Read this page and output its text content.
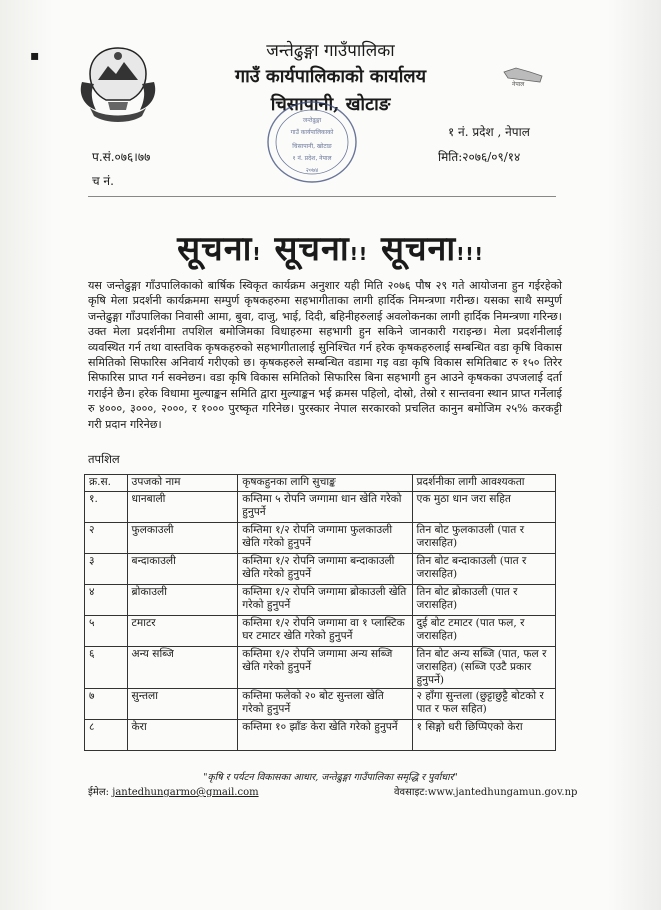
▪
नेपाल
जन्तेढुङ्गा गाउँपालिका
गाउँ कार्यपालिकाको कार्यालय
चिसापानी, खोटाङ
जन्तेढुङ्गा
गाउँ कार्यपालिकाको
चिसापानी, खोटाङ
१ नं. प्रदेश, नेपाल
२०७४
प.सं.०७६।७७
च नं.
१ नं. प्रदेश , नेपाल
मिति:२०७६/०९/१४
सूचना! सूचना!! सूचना!!!
यस जन्तेढुङ्गा गाँउपालिकाको बार्षिक स्विकृत कार्यक्रम अनुशार यही मिति २०७६ पौष २९ गते आयोजना हुन गईरहेको कृषि मेला प्रदर्शनी कार्यक्रममा सम्पुर्ण कृषकहरुमा सहभागीताका लागी हार्दिक निमन्त्रणा गरीन्छ। यसका साथै सम्पुर्ण जन्तेढुङ्गा गाँउपालिका निवासी आमा, बुवा, दाजु, भाई, दिदी, बहिनीहरुलाई अवलोकनका लागी हार्दिक निमन्त्रणा गरिन्छ। उक्त मेला प्रदर्शनीमा तपशिल बमोजिमका विधाहरुमा सहभागी हुन सकिने जानकारी गराइन्छ। मेला प्रदर्शनीलाई व्यवस्थित गर्न तथा वास्तविक कृषकहरुको सहभागीतालाई सुनिश्चित गर्न हरेक कृषकहरुलाई सम्बन्धित वडा कृषि विकास समितिको सिफारिस अनिवार्य गरीएको छ। कृषकहरुले सम्बन्धित वडामा गइ वडा कृषि विकास समितिबाट रु १५० तिरेर सिफारिस प्राप्त गर्न सक्नेछन। वडा कृषि विकास समितिको सिफारिस बिना सहभागी हुन आउने कृषकका उपजलाई दर्ता गराईने छैन। हरेक विधामा मुल्याङ्कन समिति द्वारा मुल्याङ्कन भई क्रमस पहिलो, दोस्रो, तेस्रो र सान्तवना स्थान प्राप्त गर्नेलाई रु ४०००, ३०००, २०००, र १००० पुरष्कृत गरिनेछ। पुरस्कार नेपाल सरकारको प्रचलित कानुन बमोजिम २५% करकट्टी गरी प्रदान गरिनेछ।
तपशिल
क्र.स.	उपजको नाम	कृषकहुनका लागि सुचाङ्क	प्रदर्शनीका लागी आवश्यकता
१.	धानबाली	कम्तिमा ५ रोपनि जग्गामा धान खेति गरेको हुनुपर्ने	एक मुठा धान जरा सहित
२	फुलकाउली	कम्तिमा १/२ रोपनि जग्गामा फुलकाउली खेति गरेको हुनुपर्ने	तिन बोट फुलकाउली (पात र जरासहित)
३	बन्दाकाउली	कम्तिमा १/२ रोपनि जग्गामा बन्दाकाउली खेति गरेको हुनुपर्ने	तिन बोट बन्दाकाउली (पात र जरासहित)
४	ब्रोकाउली	कम्तिमा १/२ रोपनि जग्गामा ब्रोकाउली खेति गरेको हुनुपर्ने	तिन बोट ब्रोकाउली (पात र जरासहित)
५	टमाटर	कम्तिमा १/२ रोपनि जग्गामा वा १ प्लास्टिक घर टमाटर खेति गरेको हुनुपर्ने	दुई बोट टमाटर (पात फल, र जरासहित)
६	अन्य सब्जि	कम्तिमा १/२ रोपनि जग्गामा अन्य सब्जि खेति गरेको हुनुपर्ने	तिन बोट अन्य सब्जि (पात, फल र जरासहित) (सब्जि एउटै प्रकार हुनुपर्ने)
७	सुन्तला	कम्तिमा फलेको २० बोट सुन्तला खेति गरेको हुनुपर्ने	२ हाँगा सुन्तला (छुट्टाछुट्टै बोटको र पात र फल सहित)
८	केरा	कम्तिमा १० झाँङ केरा खेति गरेको हुनुपर्ने	१ सिङ्गो धरी छिप्पिएको केरा
"कृषि र पर्यटन विकासका आधार, जन्तेढुङ्गा गाउँपालिका समृद्धि र पुर्वाधार"
ईमेल: jantedhungarmo@gmail.com	वेवसाइट:www.jantedhungamun.gov.np
